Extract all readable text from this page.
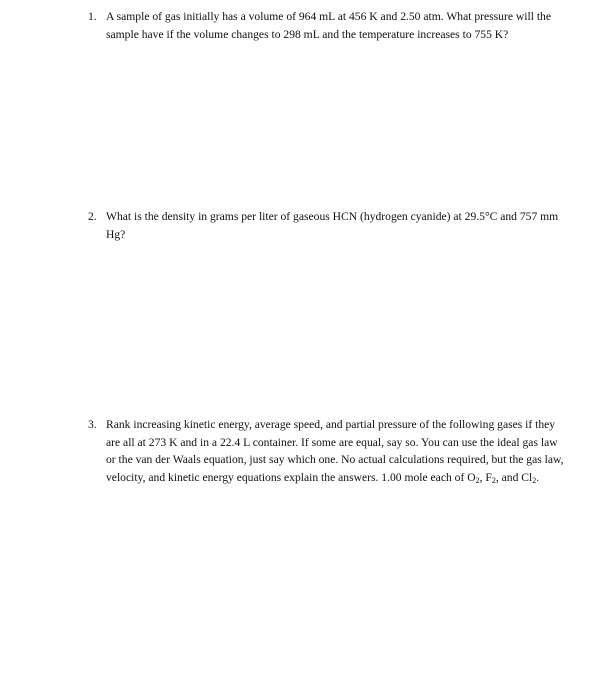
1. A sample of gas initially has a volume of 964 mL at 456 K and 2.50 atm. What pressure will the sample have if the volume changes to 298 mL and the temperature increases to 755 K?
2. What is the density in grams per liter of gaseous HCN (hydrogen cyanide) at 29.5°C and 757 mm Hg?
3. Rank increasing kinetic energy, average speed, and partial pressure of the following gases if they are all at 273 K and in a 22.4 L container. If some are equal, say so. You can use the ideal gas law or the van der Waals equation, just say which one. No actual calculations required, but the gas law, velocity, and kinetic energy equations explain the answers. 1.00 mole each of $O_2$, $F_2$, and $Cl_2$.
